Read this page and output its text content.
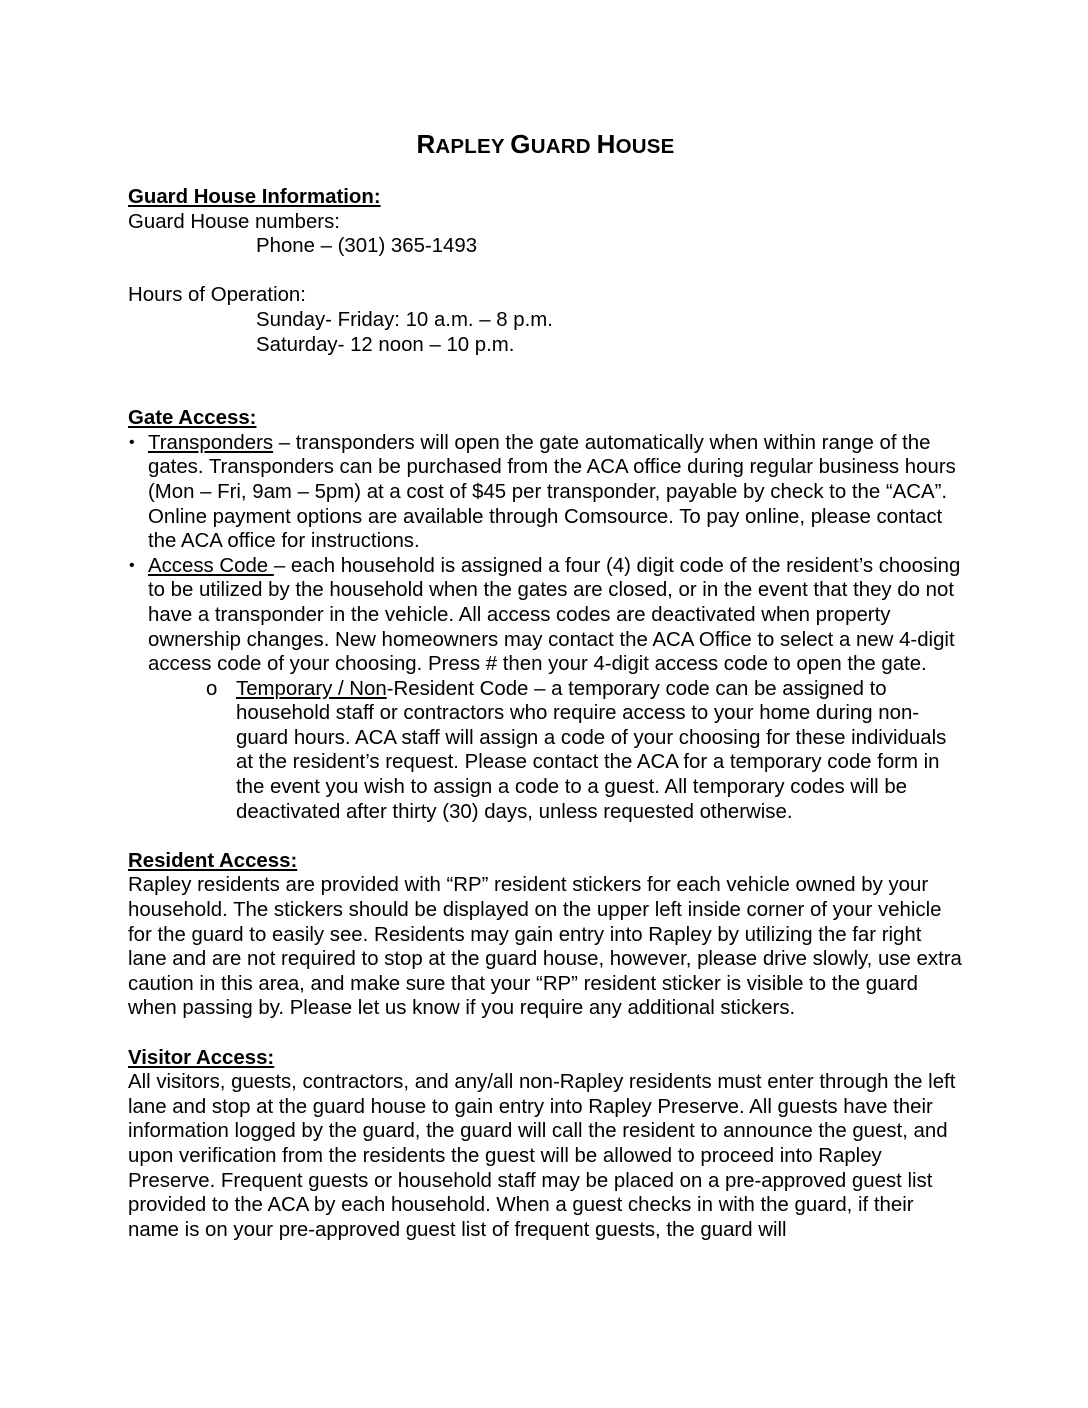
RAPLEY GUARD HOUSE

Guard House Information:

Guard House numbers:

Phone – (301) 365-1493

Hours of Operation:

Sunday- Friday: 10 a.m. – 8 p.m.

Saturday- 12 noon – 10 p.m.

Gate Access:

• Transponders – transponders will open the gate automatically when within range of the gates. Transponders can be purchased from the ACA office during regular business hours (Mon – Fri, 9am – 5pm) at a cost of $45 per transponder, payable by check to the “ACA”. Online payment options are available through Comsource. To pay online, please contact the ACA office for instructions.
• Access Code – each household is assigned a four (4) digit code of the resident’s choosing to be utilized by the household when the gates are closed, or in the event that they do not have a transponder in the vehicle. All access codes are deactivated when property ownership changes. New homeowners may contact the ACA Office to select a new 4-digit access code of your choosing. Press # then your 4-digit access code to open the gate.
o Temporary / Non-Resident Code – a temporary code can be assigned to household staff or contractors who require access to your home during non-guard hours. ACA staff will assign a code of your choosing for these individuals at the resident’s request. Please contact the ACA for a temporary code form in the event you wish to assign a code to a guest. All temporary codes will be deactivated after thirty (30) days, unless requested otherwise.

Resident Access:

Rapley residents are provided with “RP” resident stickers for each vehicle owned by your household. The stickers should be displayed on the upper left inside corner of your vehicle for the guard to easily see. Residents may gain entry into Rapley by utilizing the far right lane and are not required to stop at the guard house, however, please drive slowly, use extra caution in this area, and make sure that your “RP” resident sticker is visible to the guard when passing by. Please let us know if you require any additional stickers.

Visitor Access:

All visitors, guests, contractors, and any/all non-Rapley residents must enter through the left lane and stop at the guard house to gain entry into Rapley Preserve. All guests have their information logged by the guard, the guard will call the resident to announce the guest, and upon verification from the residents the guest will be allowed to proceed into Rapley Preserve. Frequent guests or household staff may be placed on a pre-approved guest list provided to the ACA by each household. When a guest checks in with the guard, if their name is on your pre-approved guest list of frequent guests, the guard will
